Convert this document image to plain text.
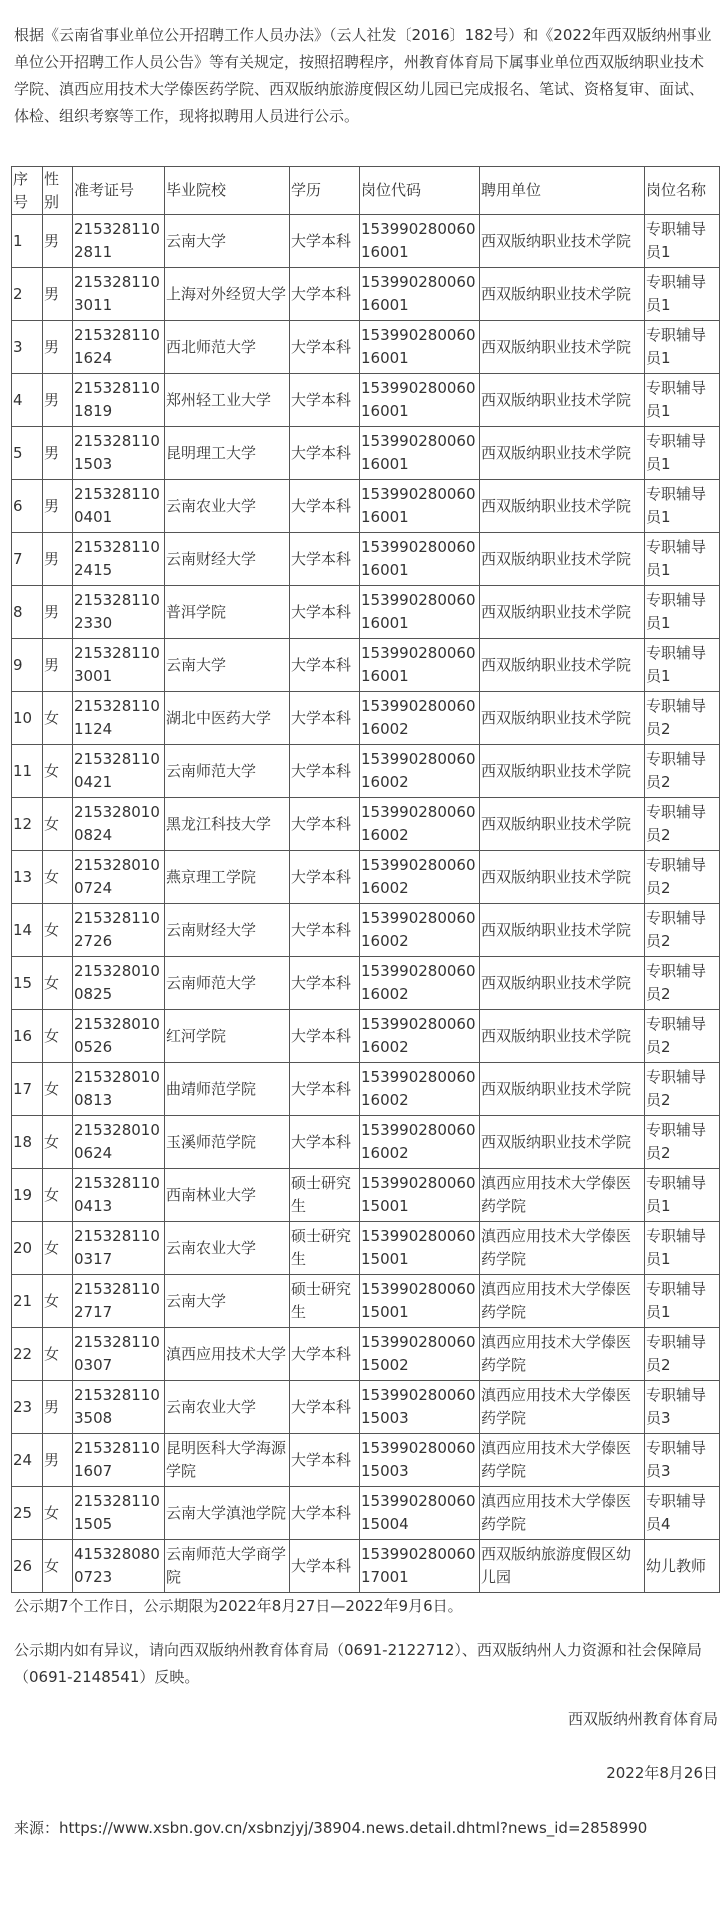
根据《云南省事业单位公开招聘工作人员办法》（云人社发〔2016〕182号）和《2022年西双版纳州事业单位公开招聘工作人员公告》等有关规定，按照招聘程序，州教育体育局下属事业单位西双版纳职业技术学院、滇西应用技术大学傣医药学院、西双版纳旅游度假区幼儿园已完成报名、笔试、资格复审、面试、体检、组织考察等工作，现将拟聘用人员进行公示。

序号	性别	准考证号	毕业院校	学历	岗位代码	聘用单位	岗位名称
1	男	2153281102811	云南大学	大学本科	15399028006016001	西双版纳职业技术学院	专职辅导员1
2	男	2153281103011	上海对外经贸大学	大学本科	15399028006016001	西双版纳职业技术学院	专职辅导员1
3	男	2153281101624	西北师范大学	大学本科	15399028006016001	西双版纳职业技术学院	专职辅导员1
4	男	2153281101819	郑州轻工业大学	大学本科	15399028006016001	西双版纳职业技术学院	专职辅导员1
5	男	2153281101503	昆明理工大学	大学本科	15399028006016001	西双版纳职业技术学院	专职辅导员1
6	男	2153281100401	云南农业大学	大学本科	15399028006016001	西双版纳职业技术学院	专职辅导员1
7	男	2153281102415	云南财经大学	大学本科	15399028006016001	西双版纳职业技术学院	专职辅导员1
8	男	2153281102330	普洱学院	大学本科	15399028006016001	西双版纳职业技术学院	专职辅导员1
9	男	2153281103001	云南大学	大学本科	15399028006016001	西双版纳职业技术学院	专职辅导员1
10	女	2153281101124	湖北中医药大学	大学本科	15399028006016002	西双版纳职业技术学院	专职辅导员2
11	女	2153281100421	云南师范大学	大学本科	15399028006016002	西双版纳职业技术学院	专职辅导员2
12	女	2153280100824	黑龙江科技大学	大学本科	15399028006016002	西双版纳职业技术学院	专职辅导员2
13	女	2153280100724	燕京理工学院	大学本科	15399028006016002	西双版纳职业技术学院	专职辅导员2
14	女	2153281102726	云南财经大学	大学本科	15399028006016002	西双版纳职业技术学院	专职辅导员2
15	女	2153280100825	云南师范大学	大学本科	15399028006016002	西双版纳职业技术学院	专职辅导员2
16	女	2153280100526	红河学院	大学本科	15399028006016002	西双版纳职业技术学院	专职辅导员2
17	女	2153280100813	曲靖师范学院	大学本科	15399028006016002	西双版纳职业技术学院	专职辅导员2
18	女	2153280100624	玉溪师范学院	大学本科	15399028006016002	西双版纳职业技术学院	专职辅导员2
19	女	2153281100413	西南林业大学	硕士研究生	15399028006015001	滇西应用技术大学傣医药学院	专职辅导员1
20	女	2153281100317	云南农业大学	硕士研究生	15399028006015001	滇西应用技术大学傣医药学院	专职辅导员1
21	女	2153281102717	云南大学	硕士研究生	15399028006015001	滇西应用技术大学傣医药学院	专职辅导员1
22	女	2153281100307	滇西应用技术大学	大学本科	15399028006015002	滇西应用技术大学傣医药学院	专职辅导员2
23	男	2153281103508	云南农业大学	大学本科	15399028006015003	滇西应用技术大学傣医药学院	专职辅导员3
24	男	2153281101607	昆明医科大学海源学院	大学本科	15399028006015003	滇西应用技术大学傣医药学院	专职辅导员3
25	女	2153281101505	云南大学滇池学院	大学本科	15399028006015004	滇西应用技术大学傣医药学院	专职辅导员4
26	女	4153280800723	云南师范大学商学院	大学本科	15399028006017001	西双版纳旅游度假区幼儿园	幼儿教师

公示期7个工作日，公示期限为2022年8月27日—2022年9月6日。

公示期内如有异议，请向西双版纳州教育体育局（0691-2122712）、西双版纳州人力资源和社会保障局（0691-2148541）反映。

西双版纳州教育体育局

2022年8月26日

来源：https://www.xsbn.gov.cn/xsbnzjyj/38904.news.detail.dhtml?news_id=2858990
